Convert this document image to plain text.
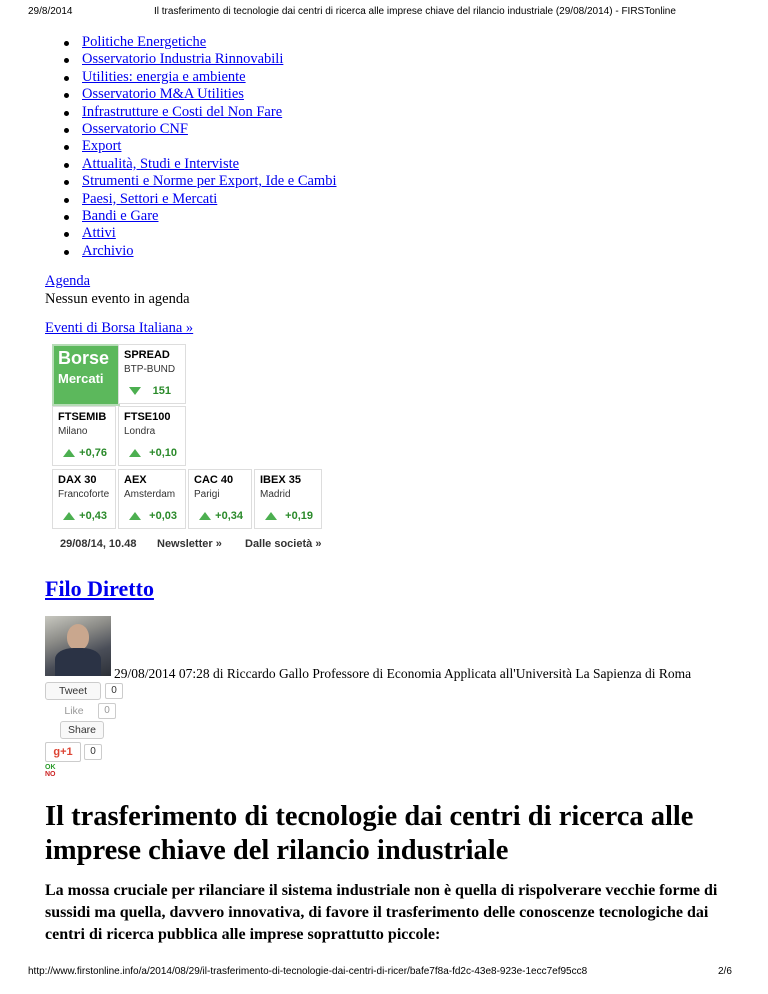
29/8/2014	Il trasferimento di tecnologie dai centri di ricerca alle imprese chiave del rilancio industriale (29/08/2014) - FIRSTonline
Politiche Energetiche
Osservatorio Industria Rinnovabili
Utilities: energia e ambiente
Osservatorio M&A Utilities
Infrastrutture e Costi del Non Fare
Osservatorio CNF
Export
Attualità, Studi e Interviste
Strumenti e Norme per Export, Ide e Cambi
Paesi, Settori e Mercati
Bandi e Gare
Attivi
Archivio
Agenda
Nessun evento in agenda
Eventi di Borsa Italiana »
Borse
Mercati
SPREAD
BTP-BUND
151
FTSEMIB
Milano
+0,76
FTSE100
Londra
+0,10
DAX 30
Francoforte
+0,43
AEX
Amsterdam
+0,03
CAC 40
Parigi
+0,34
IBEX 35
Madrid
+0,19
29/08/14, 10.48 Newsletter » Dalle società »
Filo Diretto
29/08/2014 07:28 di Riccardo Gallo Professore di Economia Applicata all'Università La Sapienza di Roma
Tweet	0
Like	0
Share
g+1	0
OK
NO
Il trasferimento di tecnologie dai centri di ricerca alle imprese chiave del rilancio industriale

La mossa cruciale per rilanciare il sistema industriale non è quella di rispolverare vecchie forme di sussidi ma quella, davvero innovativa, di favore il trasferimento delle conoscenze tecnologiche dai centri di ricerca pubblica alle imprese soprattutto piccole:

http://www.firstonline.info/a/2014/08/29/il-trasferimento-di-tecnologie-dai-centri-di-ricer/bafe7f8a-fd2c-43e8-923e-1ecc7ef95cc8	2/6
